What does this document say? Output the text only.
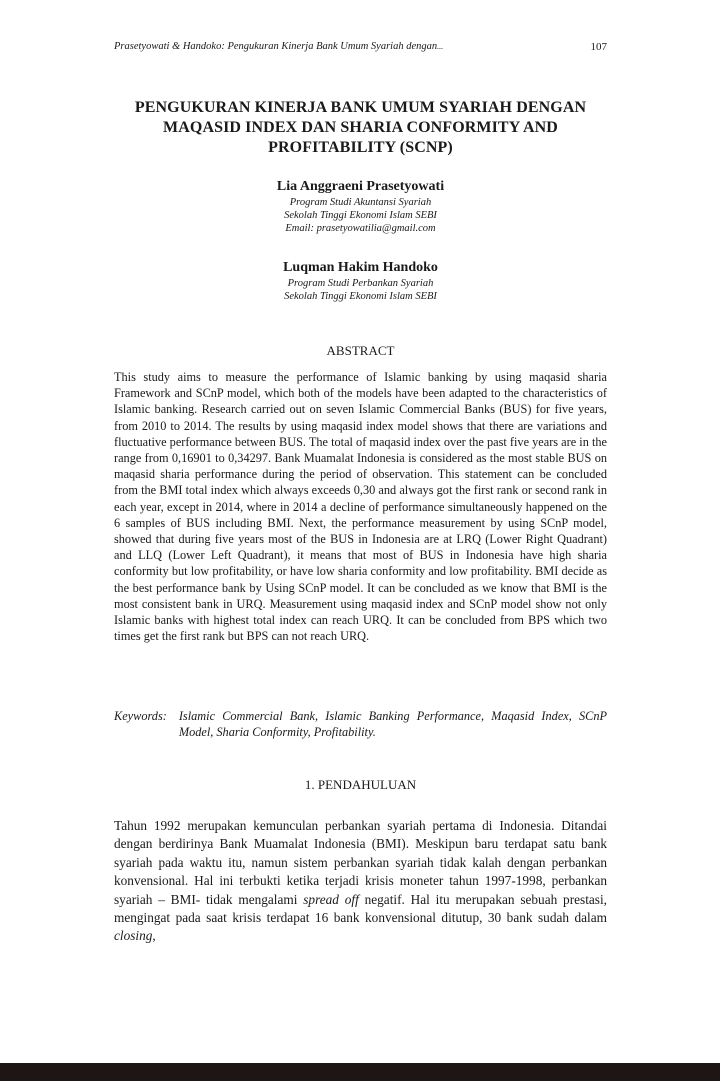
Prasetyowati & Handoko: Pengukuran Kinerja Bank Umum Syariah dengan...	107
PENGUKURAN KINERJA BANK UMUM SYARIAH DENGAN
MAQASID INDEX DAN SHARIA CONFORMITY AND
PROFITABILITY (SCNP)
Lia Anggraeni Prasetyowati
Program Studi Akuntansi Syariah
Sekolah Tinggi Ekonomi Islam SEBI
Email: prasetyowatilia@gmail.com
Luqman Hakim Handoko
Program Studi Perbankan Syariah
Sekolah Tinggi Ekonomi Islam SEBI
ABSTRACT

This study aims to measure the performance of Islamic banking by using maqasid sharia Framework and SCnP model, which both of the models have been adapted to the characteristics of Islamic banking. Research carried out on seven Islamic Commercial Banks (BUS) for five years, from 2010 to 2014. The results by using maqasid index model shows that there are variations and fluctuative performance between BUS. The total of maqasid index over the past five years are in the range from 0,16901 to 0,34297. Bank Muamalat Indonesia is considered as the most stable BUS on maqasid sharia performance during the period of observation. This statement can be concluded from the BMI total index which always exceeds 0,30 and always got the first rank or second rank in each year, except in 2014, where in 2014 a decline of performance simultaneously happened on the 6 samples of BUS including BMI. Next, the performance measurement by using SCnP model, showed that during five years most of the BUS in Indonesia are at LRQ (Lower Right Quadrant) and LLQ (Lower Left Quadrant), it means that most of BUS in Indonesia have high sharia conformity but low profitability, or have low sharia conformity and low profitability. BMI decide as the best performance bank by Using SCnP model. It can be concluded as we know that BMI is the most consistent bank in URQ. Measurement using maqasid index and SCnP model show not only Islamic banks with highest total index can reach URQ. It can be concluded from BPS which two times get the first rank but BPS can not reach URQ.

Keywords: Islamic Commercial Bank, Islamic Banking Performance, Maqasid Index, SCnP Model, Sharia Conformity, Profitability.
1. PENDAHULUAN

Tahun 1992 merupakan kemunculan perbankan syariah pertama di Indonesia. Ditandai dengan berdirinya Bank Muamalat Indonesia (BMI). Meskipun baru terdapat satu bank syariah pada waktu itu, namun sistem perbankan syariah tidak kalah dengan perbankan konvensional. Hal ini terbukti ketika terjadi krisis moneter tahun 1997-1998, perbankan syariah – BMI- tidak mengalami spread off negatif. Hal itu merupakan sebuah prestasi, mengingat pada saat krisis terdapat 16 bank konvensional ditutup, 30 bank sudah dalam closing,
